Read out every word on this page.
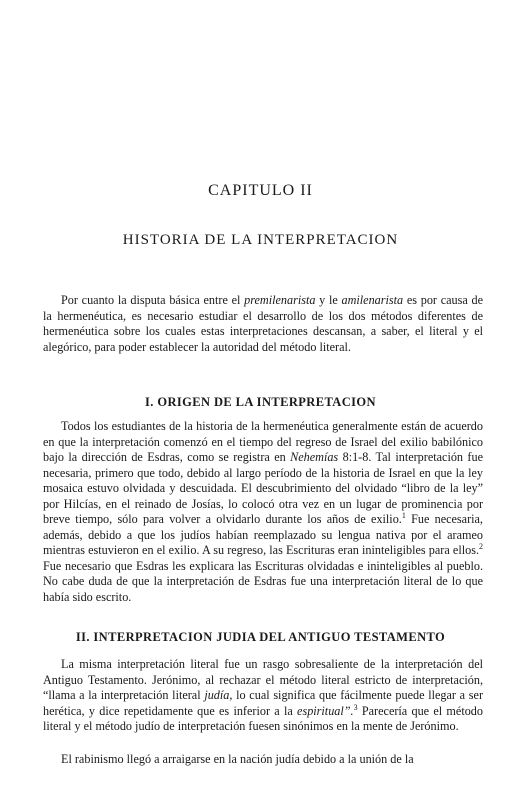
CAPITULO II
HISTORIA DE LA INTERPRETACION

Por cuanto la disputa básica entre el premilenarista y le amilenarista es por causa de la hermenéutica, es necesario estudiar el desarrollo de los dos métodos diferentes de hermenéutica sobre los cuales estas interpretaciones descansan, a saber, el literal y el alegórico, para poder establecer la autoridad del método literal.

I. ORIGEN DE LA INTERPRETACION

Todos los estudiantes de la historia de la hermenéutica generalmente están de acuerdo en que la interpretación comenzó en el tiempo del regreso de Israel del exilio babilónico bajo la dirección de Esdras, como se registra en Nehemías 8:1-8. Tal interpretación fue necesaria, primero que todo, debido al largo período de la historia de Israel en que la ley mosaica estuvo olvidada y descuidada. El descubrimiento del olvidado “libro de la ley” por Hilcías, en el reinado de Josías, lo colocó otra vez en un lugar de prominencia por breve tiempo, sólo para volver a olvidarlo durante los años de exilio.$^1$ Fue necesaria, además, debido a que los judíos habían reemplazado su lengua nativa por el arameo mientras estuvieron en el exilio. A su regreso, las Escrituras eran ininteligibles para ellos.$^2$ Fue necesario que Esdras les explicara las Escrituras olvidadas e ininteligibles al pueblo. No cabe duda de que la interpretación de Esdras fue una interpretación literal de lo que había sido escrito.

II. INTERPRETACION JUDIA DEL ANTIGUO TESTAMENTO

La misma interpretación literal fue un rasgo sobresaliente de la interpretación del Antiguo Testamento. Jerónimo, al rechazar el método literal estricto de interpretación, “llama a la interpretación literal judía, lo cual significa que fácilmente puede llegar a ser herética, y dice repetidamente que es inferior a la espiritual”.$^3$ Parecería que el método literal y el método judío de interpretación fuesen sinónimos en la mente de Jerónimo.

El rabinismo llegó a arraigarse en la nación judía debido a la unión de la
